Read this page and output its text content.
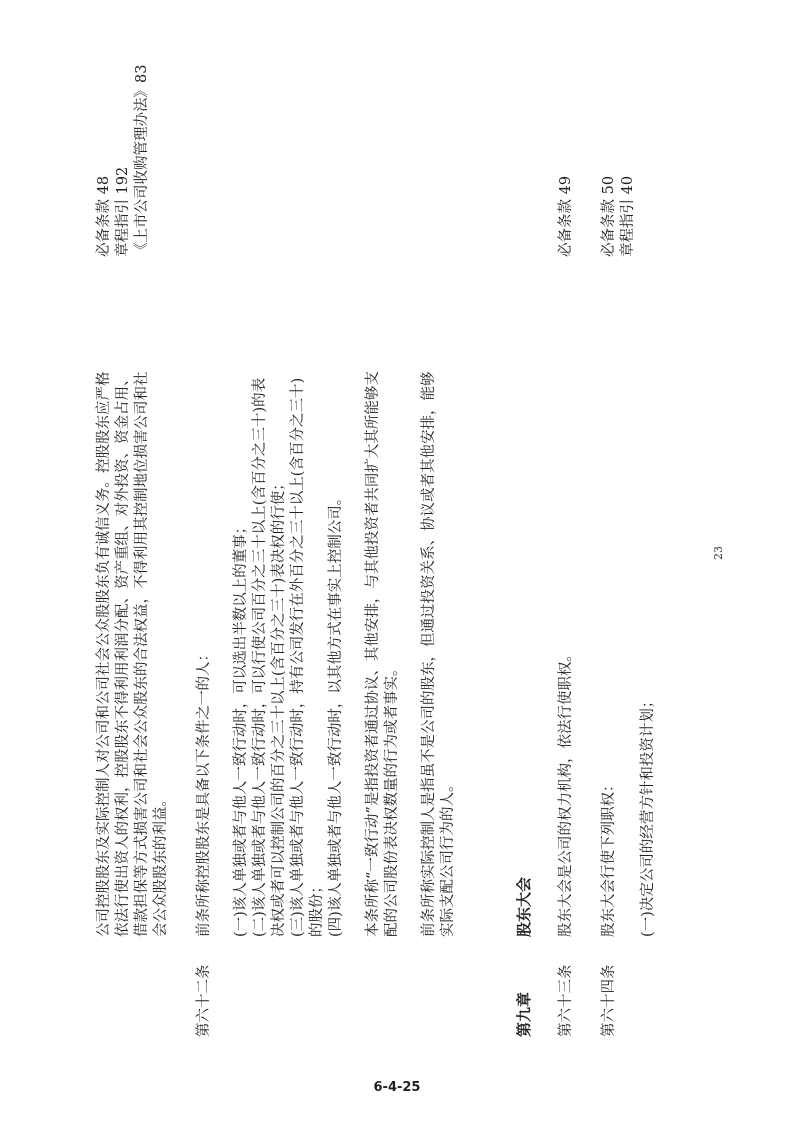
公司控股股东及实际控制人对公司和公司社会公众股股东负有诚信义务。控股股东应严格依法行使出资人的权利，控股股东不得利用利润分配、资产重组、对外投资、资金占用、借款担保等方式损害公司和社会公众股东的合法权益，不得利用其控制地位损害公司和社会公众股股东的利益。
必备条款 48 章程指引 192 《上市公司收购管理办法》83
第六十二条
前条所称控股股东是具备以下条件之一的人： (一)该人单独或者与他人一致行动时，可以选出半数以上的董事； (二)该人单独或者与他人一致行动时，可以行使公司百分之三十以上(含百分之三十)的表决权或者可以控制公司的百分之三十以上(含百分之三十)表决权的行使； (三)该人单独或者与他人一致行动时，持有公司发行在外百分之三十以上(含百分之三十)的股份； (四)该人单独或者与他人一致行动时，以其他方式在事实上控制公司。 本条所称“一致行动”是指投资者通过协议、其他安排，与其他投资者共同扩大其所能够支配的公司股份表决权数量的行为或者事实。 前条所称实际控制人是指虽不是公司的股东，但通过投资关系、协议或者其他安排，能够实际支配公司行为的人。
第九章
股东大会
第六十三条
股东大会是公司的权力机构，依法行使职权。
必备条款 49
第六十四条
股东大会行使下列职权： (一)决定公司的经营方针和投资计划；
必备条款 50 章程指引 40
23
6-4-25
